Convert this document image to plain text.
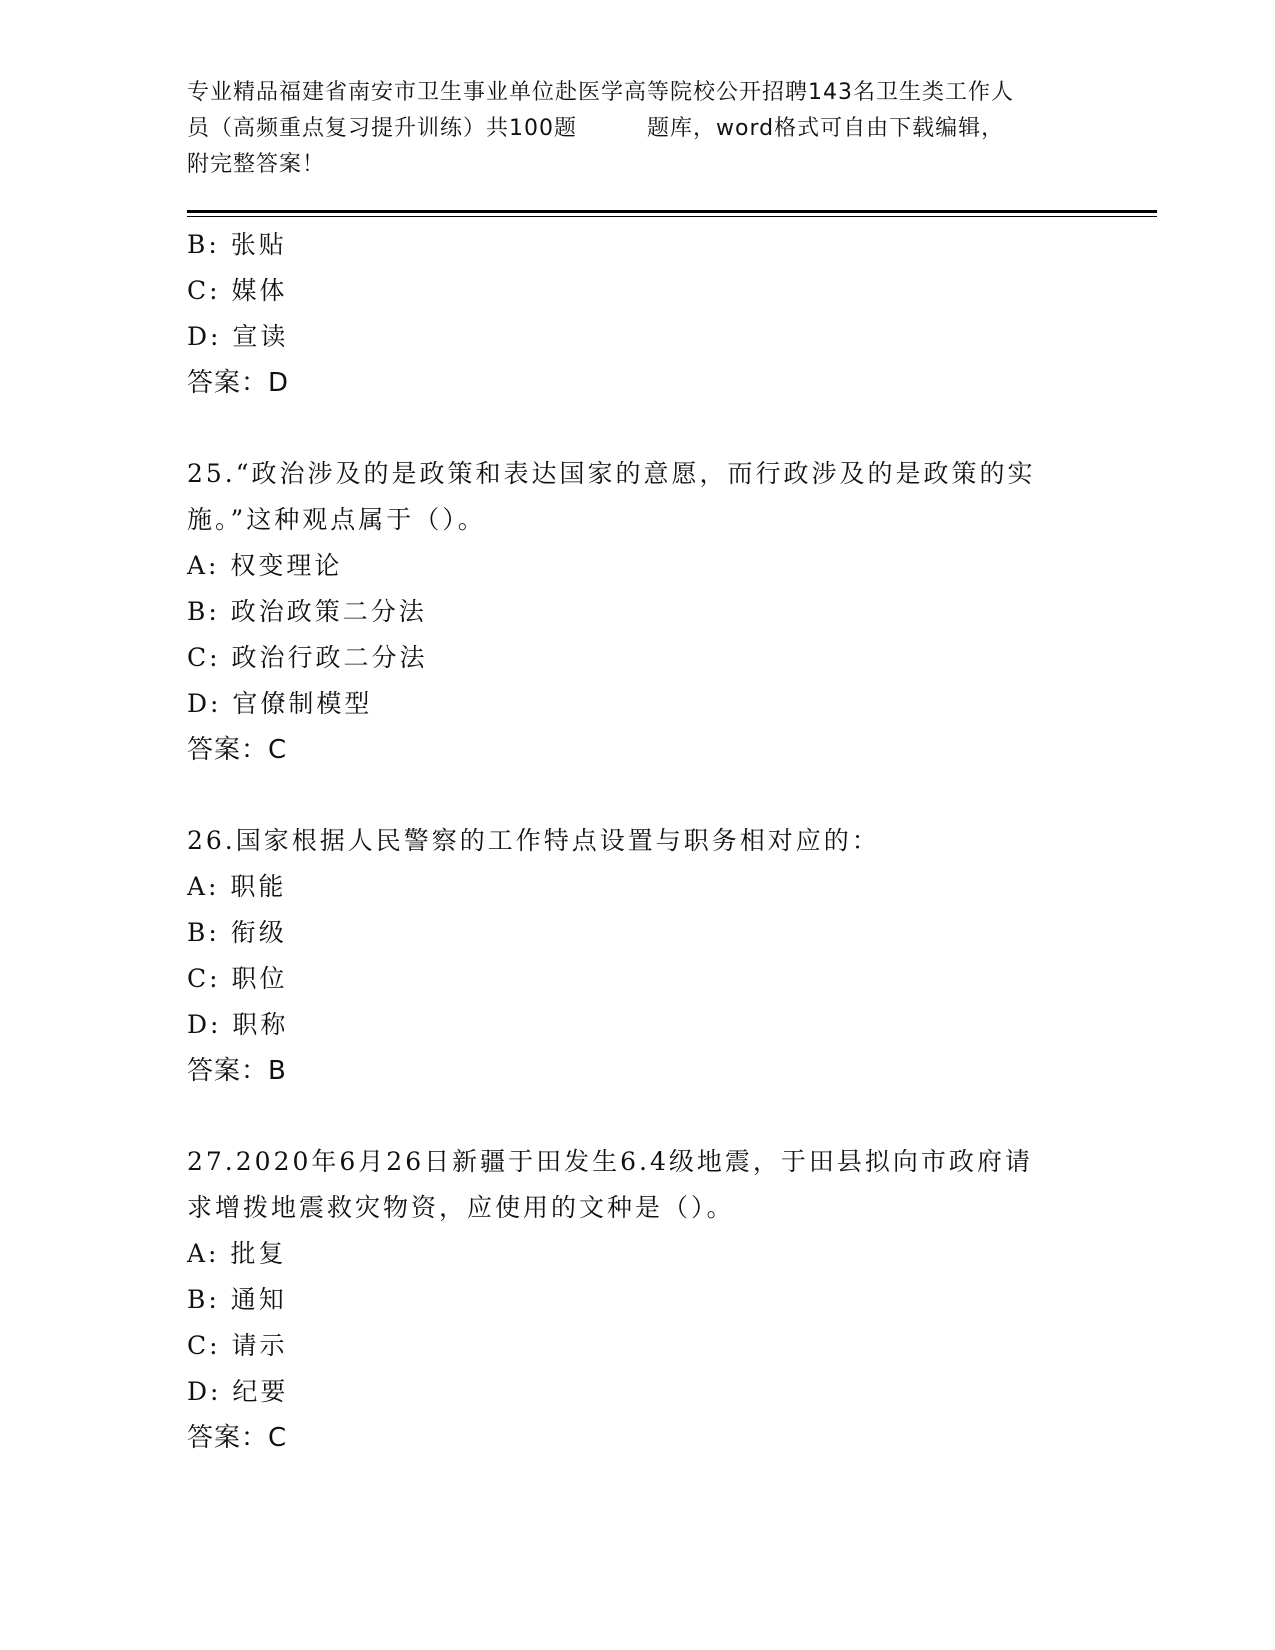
专业精品福建省南安市卫生事业单位赴医学高等院校公开招聘143名卫生类工作人
员（高频重点复习提升训练）共100题	题库，word格式可自由下载编辑，
附完整答案！
B: 张贴
C: 媒体
D: 宣读
答案：D
25.“政治涉及的是政策和表达国家的意愿，而行政涉及的是政策的实
施。”这种观点属于（）。
A: 权变理论
B: 政治政策二分法
C: 政治行政二分法
D: 官僚制模型
答案：C
26.国家根据人民警察的工作特点设置与职务相对应的：
A: 职能
B: 衔级
C: 职位
D: 职称
答案：B
27.2020年6月26日新疆于田发生6.4级地震，于田县拟向市政府请
求增拨地震救灾物资，应使用的文种是（）。
A: 批复
B: 通知
C: 请示
D: 纪要
答案：C
